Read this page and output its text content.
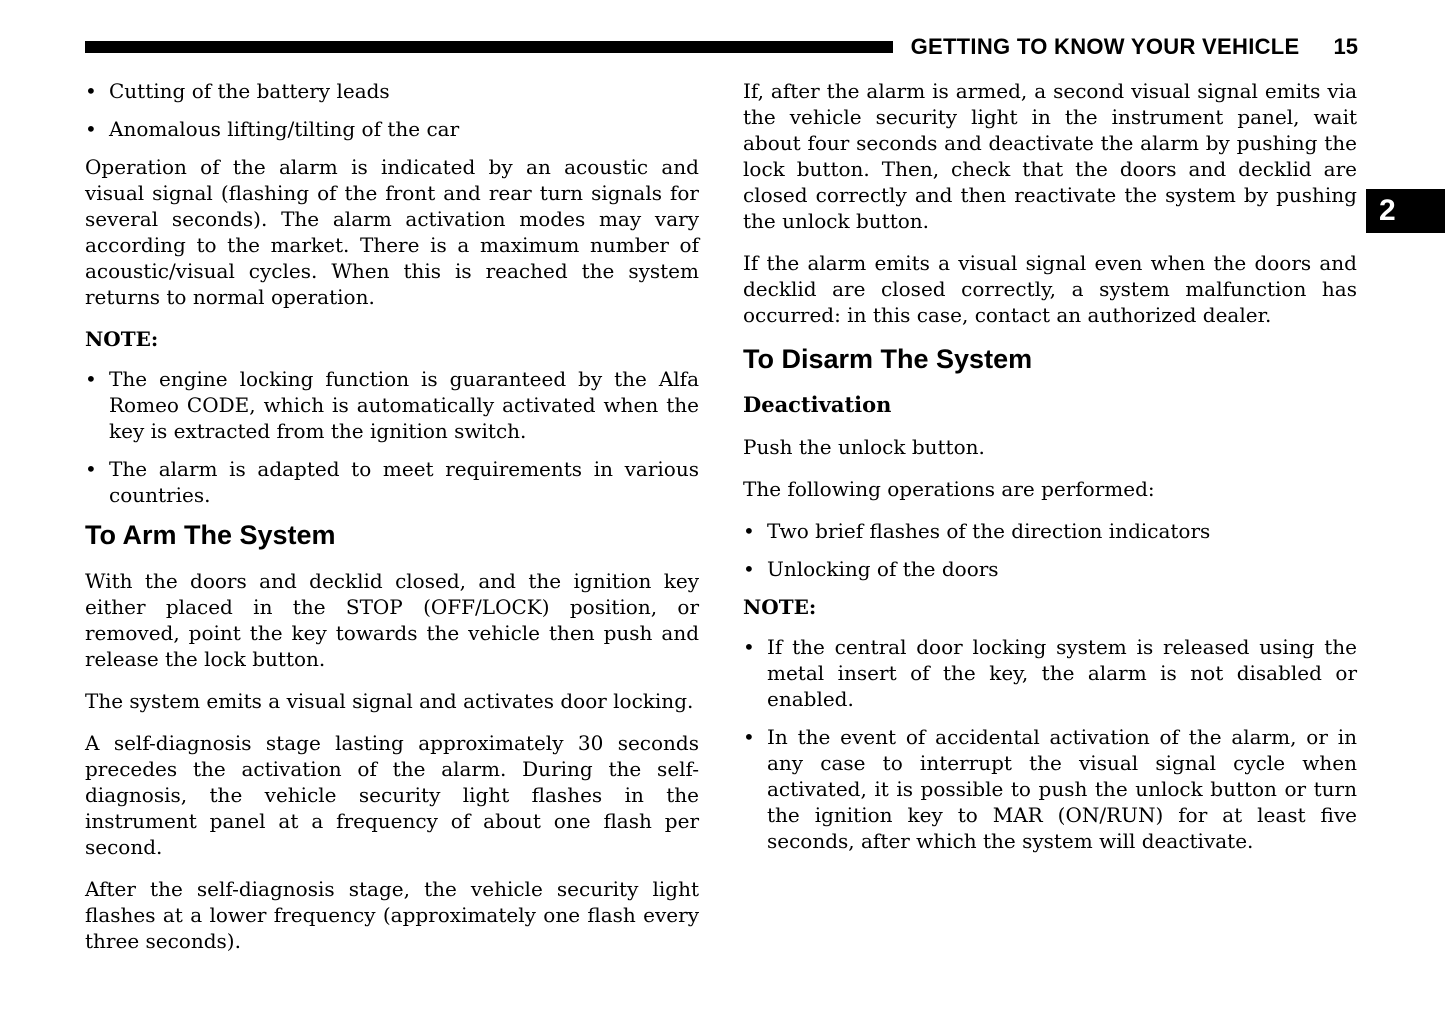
GETTING TO KNOW YOUR VEHICLE 15
2
•
Cutting of the battery leads
•
Anomalous lifting/tilting of the car

Operation of the alarm is indicated by an acoustic and visual signal (flashing of the front and rear turn signals for several seconds). The alarm activation modes may vary according to the market. There is a maximum number of acoustic/visual cycles. When this is reached the system returns to normal operation.

NOTE:
•
The engine locking function is guaranteed by the Alfa Romeo CODE, which is automatically activated when the key is extracted from the ignition switch.
•
The alarm is adapted to meet requirements in various countries.
To Arm The System

With the doors and decklid closed, and the ignition key either placed in the STOP (OFF/LOCK) position, or removed, point the key towards the vehicle then push and release the lock button.

The system emits a visual signal and activates door locking.

A self-diagnosis stage lasting approximately 30 seconds precedes the activation of the alarm. During the self-diagnosis, the vehicle security light flashes in the instrument panel at a frequency of about one flash per second.

After the self-diagnosis stage, the vehicle security light flashes at a lower frequency (approximately one flash every three seconds).

If, after the alarm is armed, a second visual signal emits via the vehicle security light in the instrument panel, wait about four seconds and deactivate the alarm by pushing the lock button. Then, check that the doors and decklid are closed correctly and then reactivate the system by pushing the unlock button.

If the alarm emits a visual signal even when the doors and decklid are closed correctly, a system malfunction has occurred: in this case, contact an authorized dealer.

To Disarm The System
Deactivation

Push the unlock button.

The following operations are performed:

•
Two brief flashes of the direction indicators
•
Unlocking of the doors
NOTE:
•
If the central door locking system is released using the metal insert of the key, the alarm is not disabled or enabled.
•
In the event of accidental activation of the alarm, or in any case to interrupt the visual signal cycle when activated, it is possible to push the unlock button or turn the ignition key to MAR (ON/RUN) for at least five seconds, after which the system will deactivate.
